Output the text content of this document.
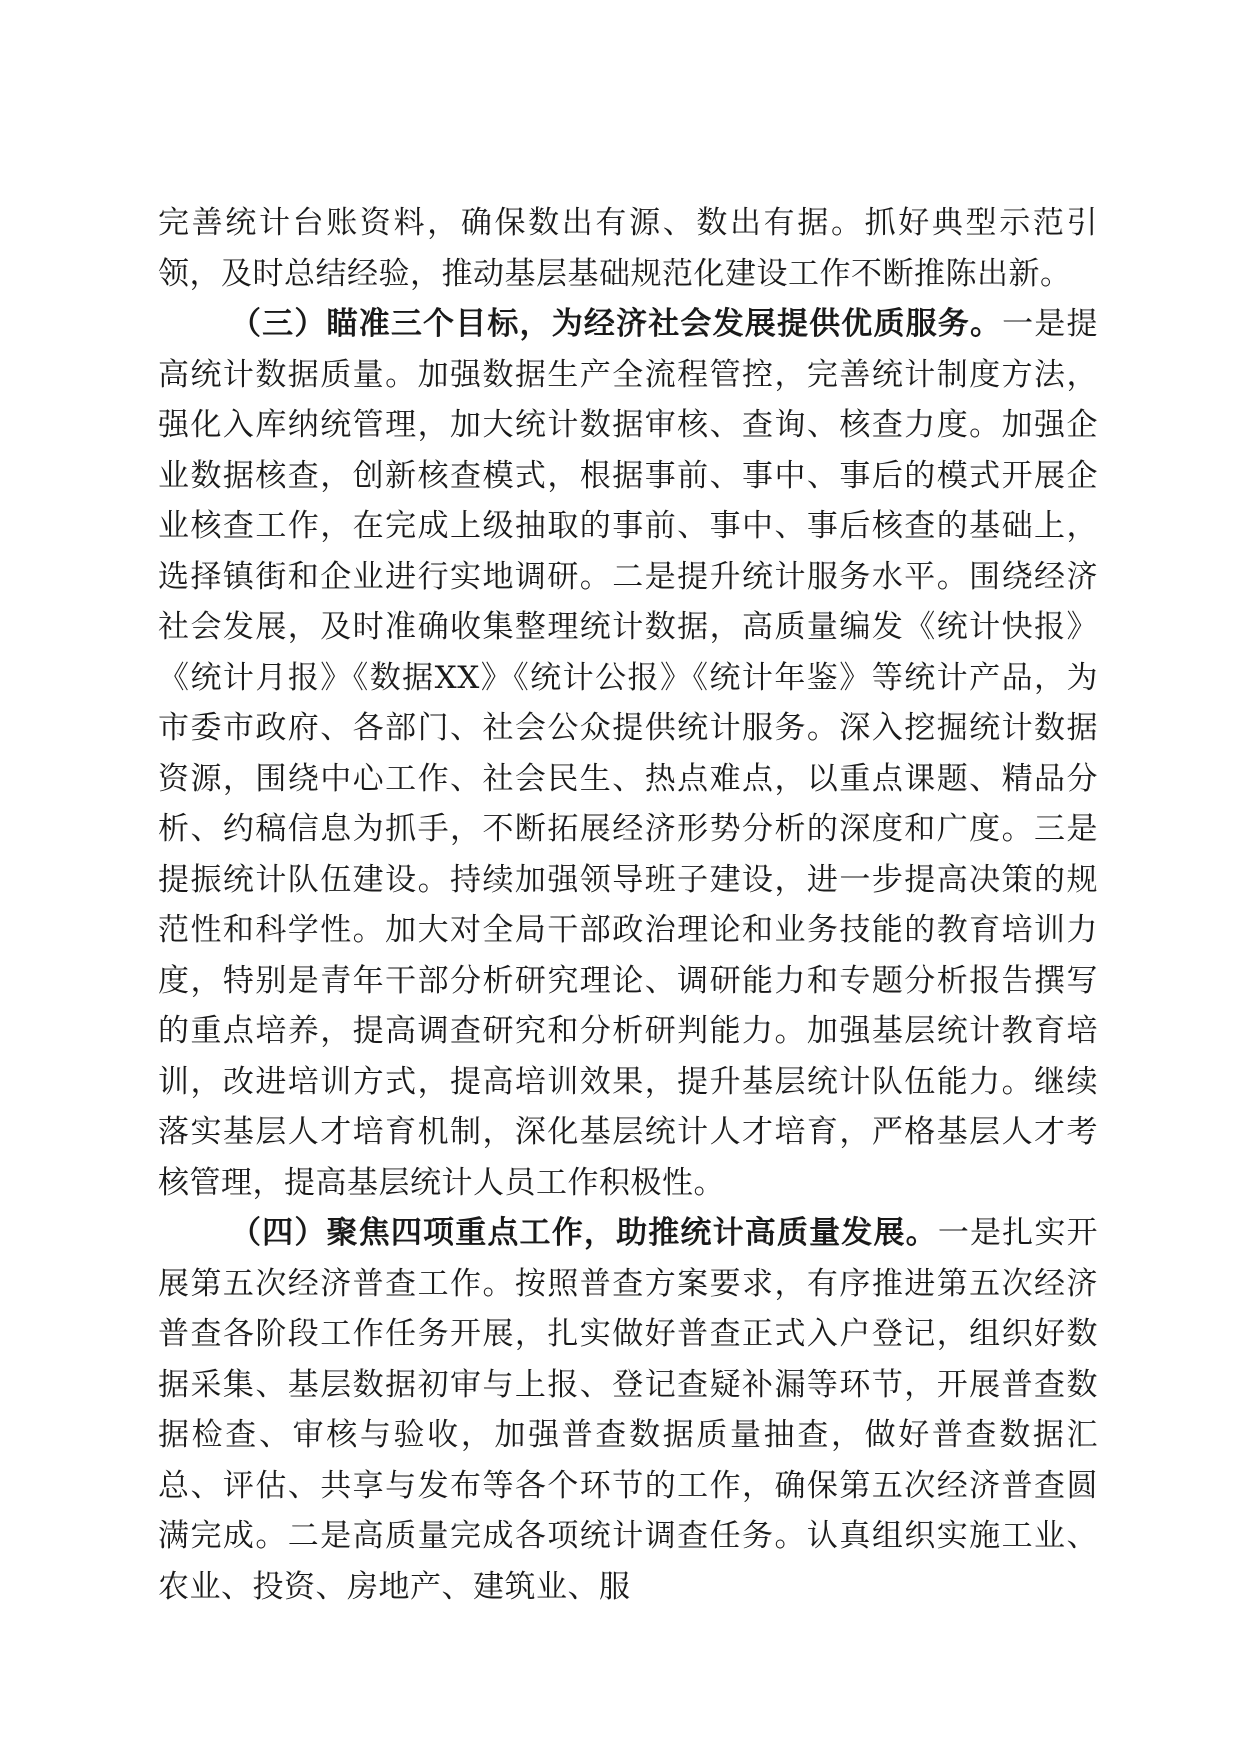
完善统计台账资料，确保数出有源、数出有据。抓好典型示范引领，及时总结经验，推动基层基础规范化建设工作不断推陈出新。

（三）瞄准三个目标，为经济社会发展提供优质服务。一是提高统计数据质量。加强数据生产全流程管控，完善统计制度方法，强化入库纳统管理，加大统计数据审核、查询、核查力度。加强企业数据核查，创新核查模式，根据事前、事中、事后的模式开展企业核查工作，在完成上级抽取的事前、事中、事后核查的基础上，选择镇街和企业进行实地调研。二是提升统计服务水平。围绕经济社会发展，及时准确收集整理统计数据，高质量编发《统计快报》《统计月报》《数据XX》《统计公报》《统计年鉴》等统计产品，为市委市政府、各部门、社会公众提供统计服务。深入挖掘统计数据资源，围绕中心工作、社会民生、热点难点，以重点课题、精品分析、约稿信息为抓手，不断拓展经济形势分析的深度和广度。三是提振统计队伍建设。持续加强领导班子建设，进一步提高决策的规范性和科学性。加大对全局干部政治理论和业务技能的教育培训力度，特别是青年干部分析研究理论、调研能力和专题分析报告撰写的重点培养，提高调查研究和分析研判能力。加强基层统计教育培训，改进培训方式，提高培训效果，提升基层统计队伍能力。继续落实基层人才培育机制，深化基层统计人才培育，严格基层人才考核管理，提高基层统计人员工作积极性。

（四）聚焦四项重点工作，助推统计高质量发展。一是扎实开展第五次经济普查工作。按照普查方案要求，有序推进第五次经济普查各阶段工作任务开展，扎实做好普查正式入户登记，组织好数据采集、基层数据初审与上报、登记查疑补漏等环节，开展普查数据检查、审核与验收，加强普查数据质量抽查，做好普查数据汇总、评估、共享与发布等各个环节的工作，确保第五次经济普查圆满完成。二是高质量完成各项统计调查任务。认真组织实施工业、农业、投资、房地产、建筑业、服
